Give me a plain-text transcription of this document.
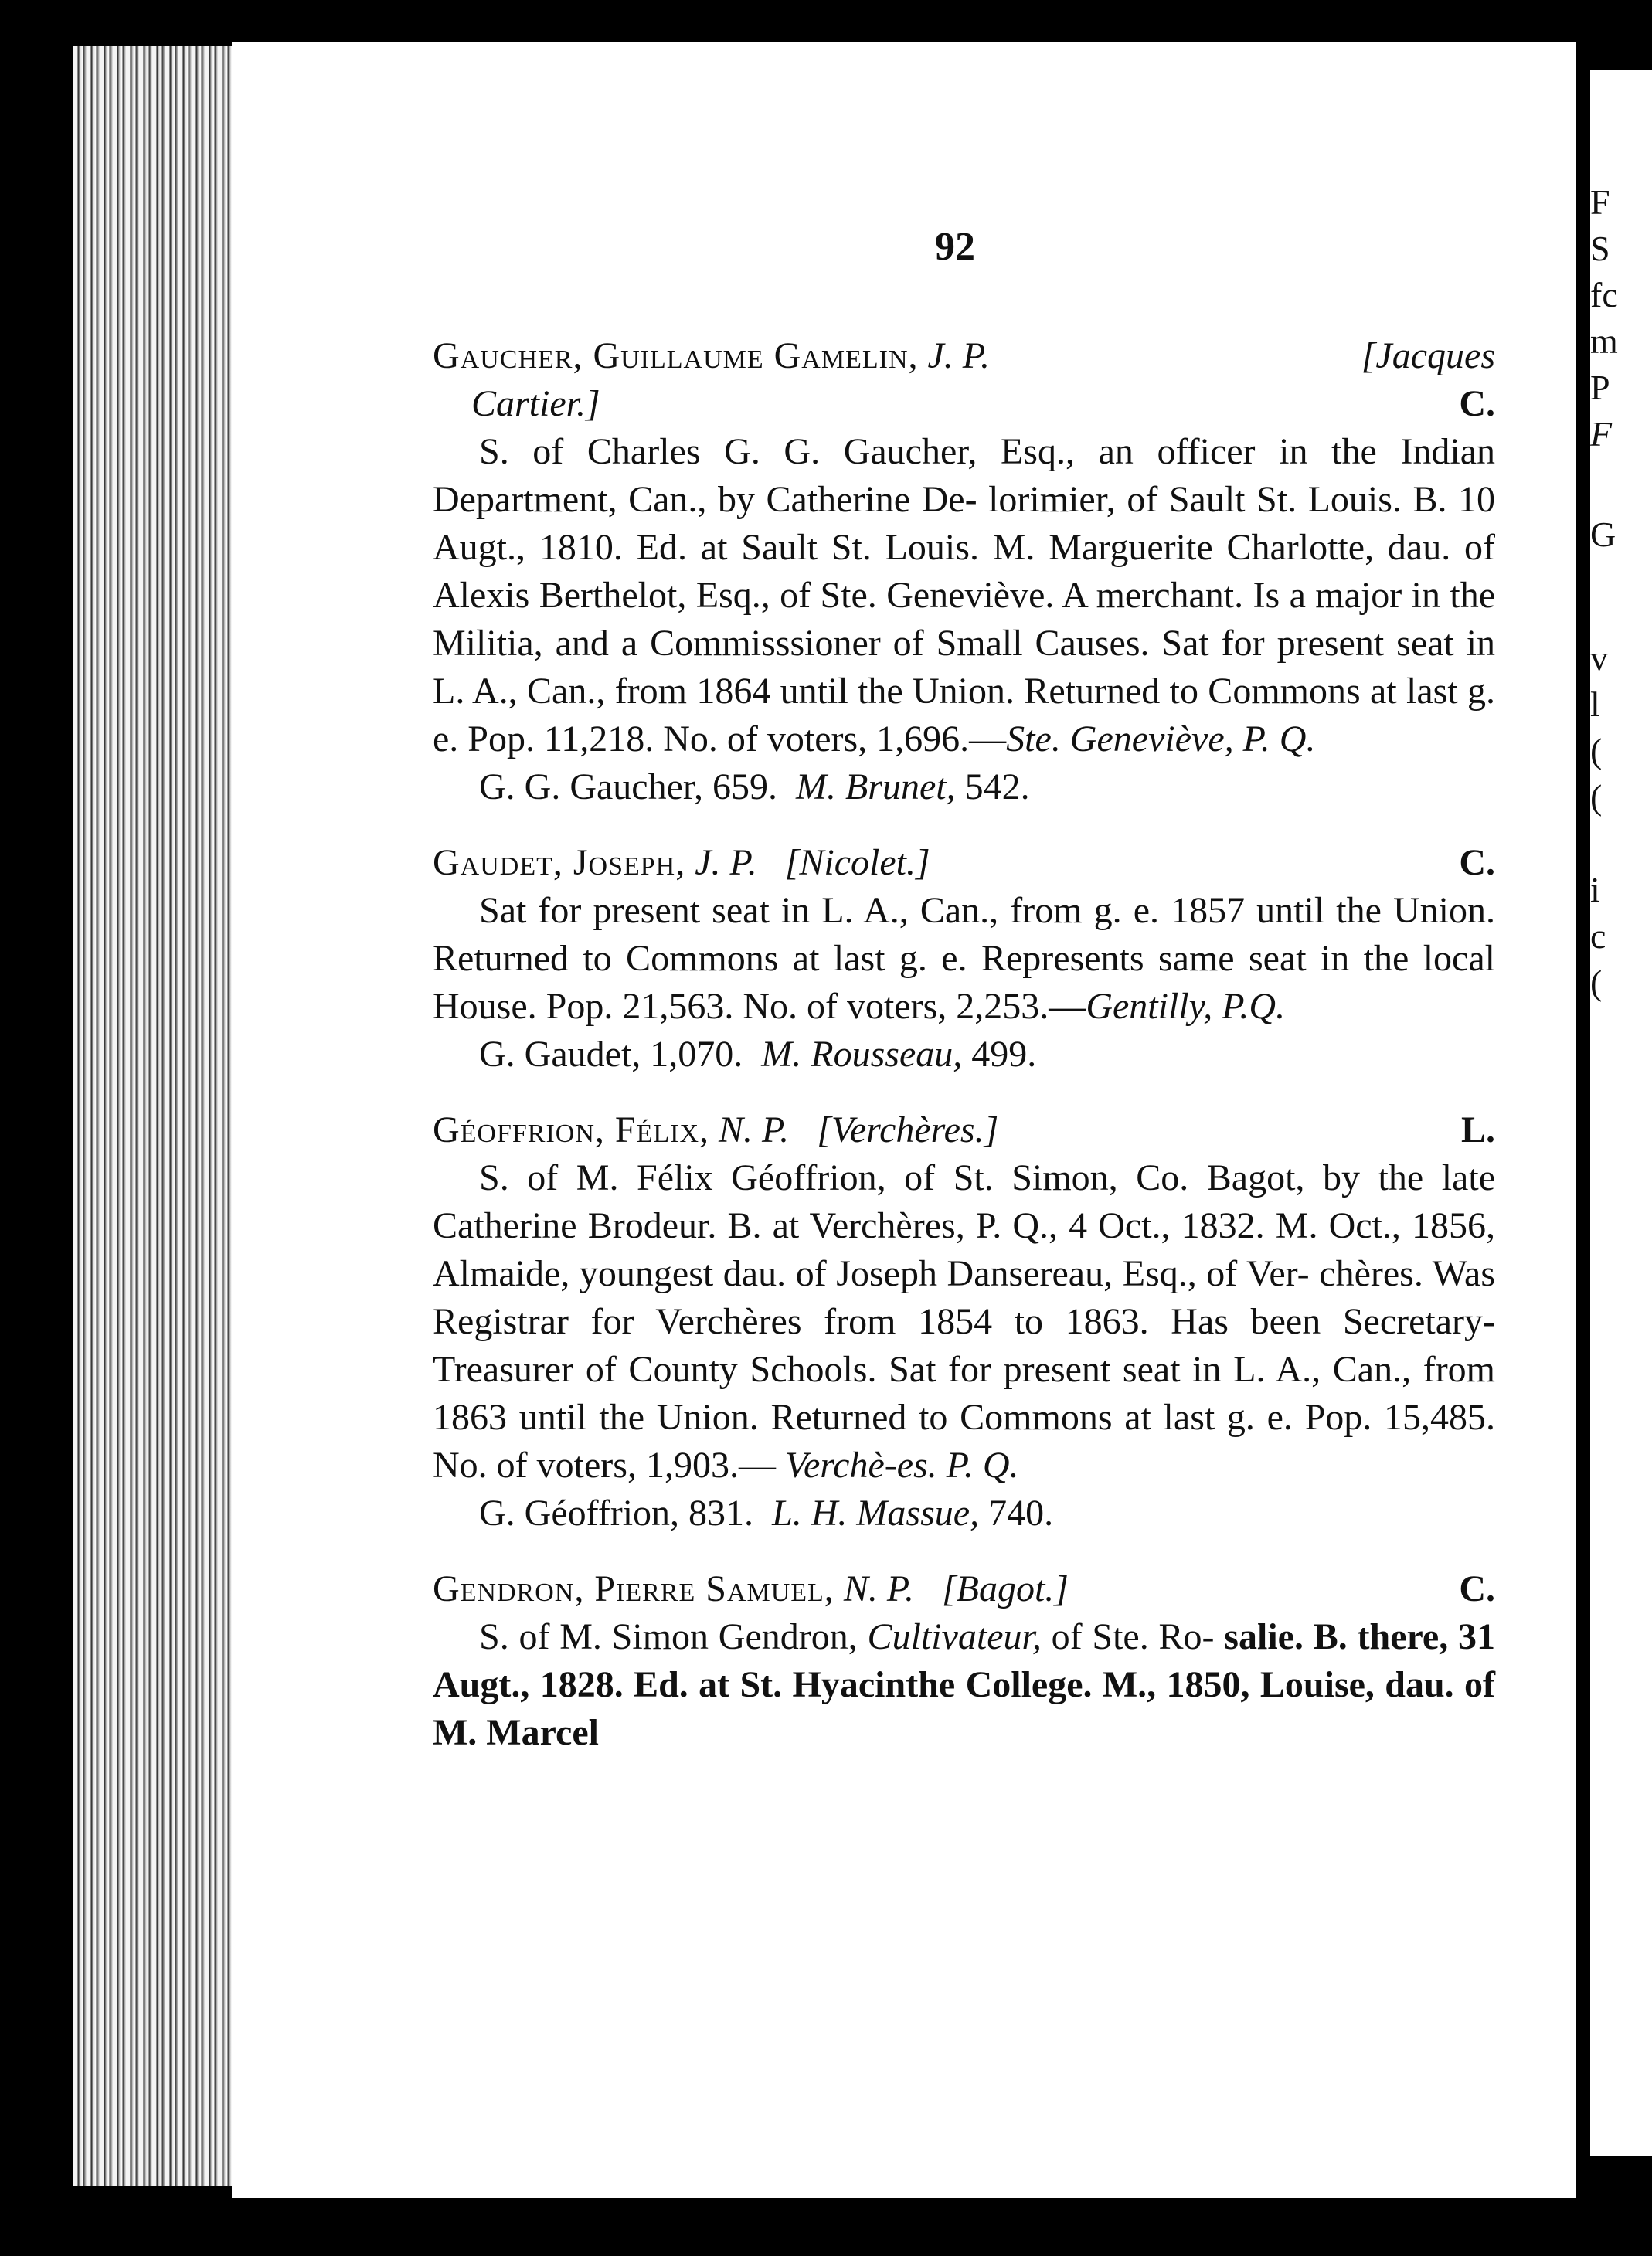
F
S
fc
m
P
F
G
v
l
(
(
i
c
(
92
Gaucher, Guillaume Gamelin, J. P.	[Jacques
Cartier.]	C.
S. of Charles G. G. Gaucher, Esq., an officer in the Indian Department, Can., by Catherine De- lorimier, of Sault St. Louis. B. 10 Augt., 1810. Ed. at Sault St. Louis. M. Marguerite Charlotte, dau. of Alexis Berthelot, Esq., of Ste. Geneviève. A merchant. Is a major in the Militia, and a Commisssioner of Small Causes. Sat for present seat in L. A., Can., from 1864 until the Union. Returned to Commons at last g. e. Pop. 11,218. No. of voters, 1,696.—Ste. Geneviève, P. Q.
G. G. Gaucher, 659. M. Brunet, 542.
Gaudet, Joseph, J. P. [Nicolet.]	C.
Sat for present seat in L. A., Can., from g. e. 1857 until the Union. Returned to Commons at last g. e. Represents same seat in the local House. Pop. 21,563. No. of voters, 2,253.—Gentilly, P.Q.
G. Gaudet, 1,070. M. Rousseau, 499.
Géoffrion, Félix, N. P. [Verchères.]	L.
S. of M. Félix Géoffrion, of St. Simon, Co. Bagot, by the late Catherine Brodeur. B. at Verchères, P. Q., 4 Oct., 1832. M. Oct., 1856, Almaide, youngest dau. of Joseph Dansereau, Esq., of Ver- chères. Was Registrar for Verchères from 1854 to 1863. Has been Secretary-Treasurer of County Schools. Sat for present seat in L. A., Can., from 1863 until the Union. Returned to Commons at last g. e. Pop. 15,485. No. of voters, 1,903.— Verchè-es. P. Q.
G. Géoffrion, 831. L. H. Massue, 740.
Gendron, Pierre Samuel, N. P. [Bagot.]	C.
S. of M. Simon Gendron, Cultivateur, of Ste. Ro- salie. B. there, 31 Augt., 1828. Ed. at St. Hyacinthe College. M., 1850, Louise, dau. of M. Marcel
